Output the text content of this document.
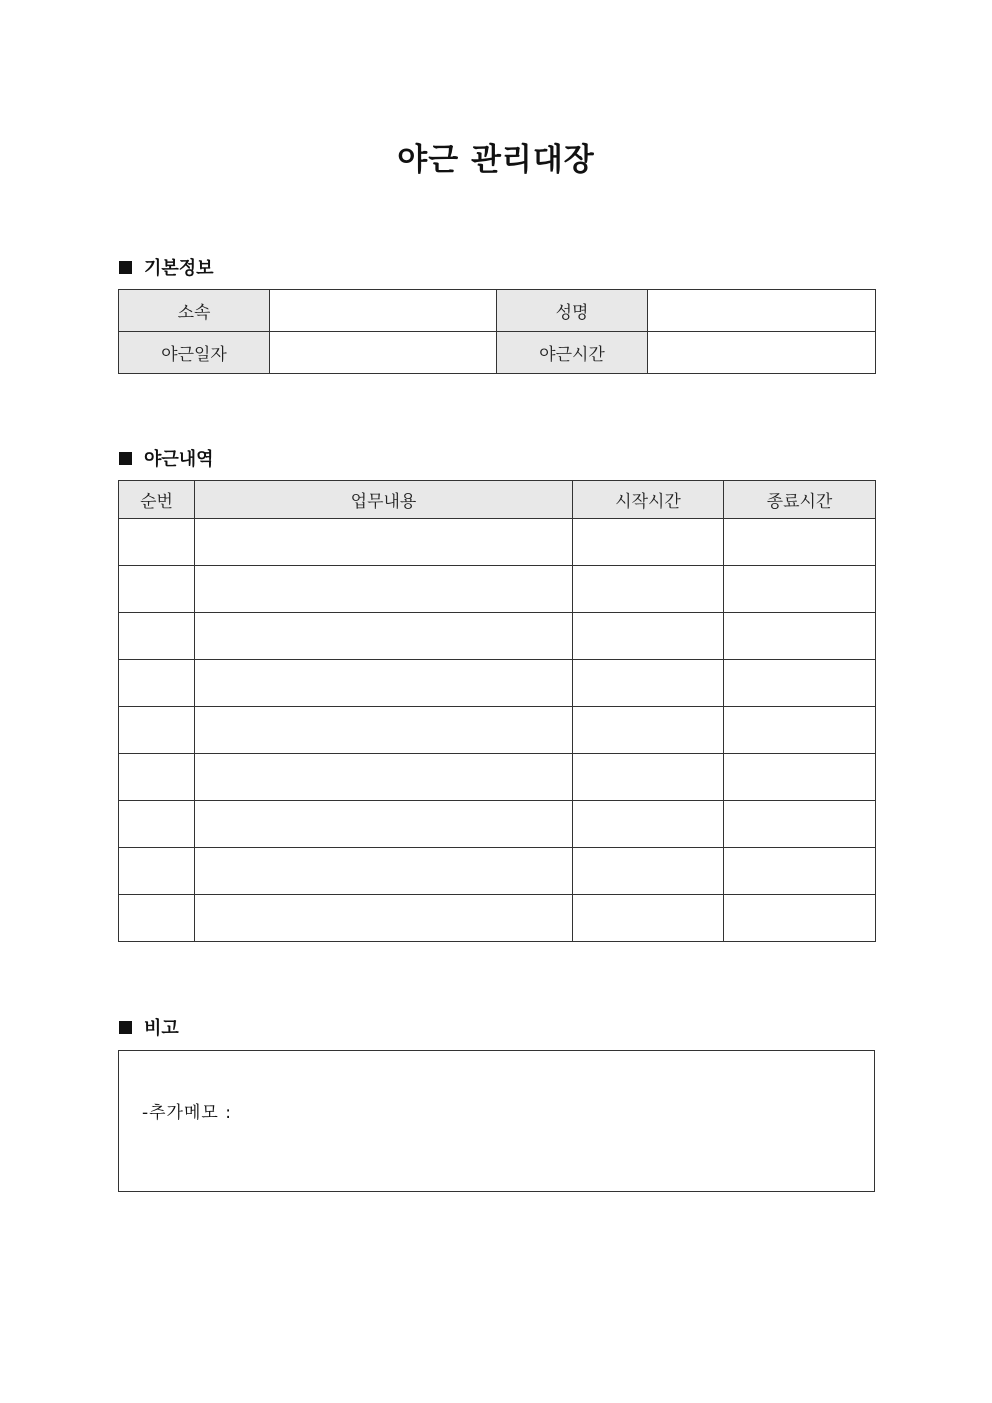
야근 관리대장
기본정보
소속		성명	
야근일자		야근시간	
야근내역
순번	업무내용	시작시간	종료시간

비고
-추가메모 :
